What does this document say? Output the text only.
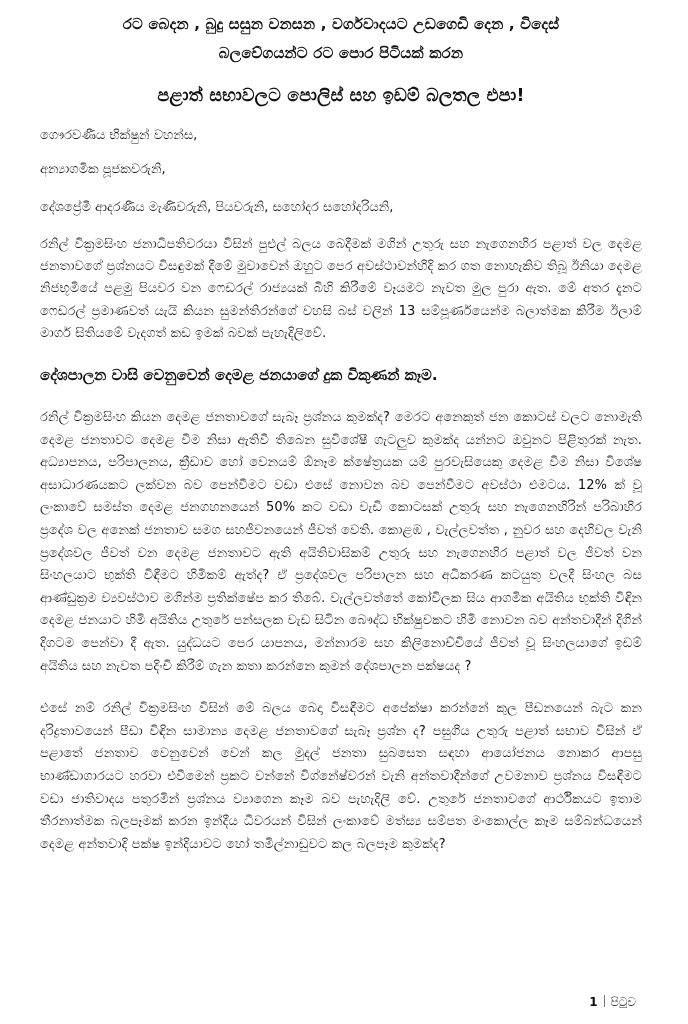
රට බෙදන , බුදු සසුන වනසන , වර්ගවාදයට උඩගෙඩි දෙන , විදෙස්
බලවේගයන්ට රට පොර පිටියක් කරන
පළාත් සභාවලට පොලිස් සහ ඉඩම් බලතල එපා!

ගෞරවණීය භික්ෂුන් වහන්ස,

අන්‍යාගමික පූජකවරුනි,

දේශප්‍රේමී ආදරණීය මැණිවරුනි, පියවරුනි, සහෝදර සහෝදරියනි,

රනිල් වික්‍රමසිංහ ජනාධිපතිවරයා විසින් පුළුල් බලය බෙදීමක් මගින් උතුරු සහ නැගෙනහිර පළාත් වල දෙමළ ජනතාවගේ ප්‍රශ්නයට විසඳුමක් දීමේ මුවාවෙන් ඔහුට පෙර අවස්ථාවන්හිදි කර ගත නොහැකිව තිබූ ඊනියා දෙමළ නිජභූමියේ පළමු පියවර වන ෆෙඩරල් රාජ්‍යයක් බිහි කිරීමේ වෑයමට නැවත මුල පුරා ඇත. මේ අතර දැනට ෆෙඩරල් ප්‍රමාණවත් යැයි කියන සුමන්තිරන්ගේ වහසි බස් වලින් 13 සම්පූර්ණයෙන්ම බලාත්මක කිරීම ඊලාම් මාර්ග සිතියමේ වැදගත් කඩ ඉමක් බවක් පැහැදිලිවේ.

දේශපාලන වාසි වෙනුවෙන් දෙමළ ජනයාගේ දුක විකුණන් කෑම.

රනිල් වික්‍රමසිංහ කියන දෙමළ ජනතාවගේ සැබෑ ප්‍රශ්නය කුමක්ද? මෙරට අනෙකුත් ජන කොටස් වලට නොමැති දෙමළ ජනතාවට දෙමළ වීම නිසා ඇතිවී තිබෙන සුවිශේෂී ගැටලුව කුමක්ද යන්නට ඔවුනට පිළිතුරක් නැත. අධ්‍යාපනය, පරිපාලනය, ක්‍රීඩාව හෝ වෙනයම් ඕනෑම ක්ෂේත්‍රයක යම් පුරවැසියෙකු දෙමළ වීම නිසා විශේෂ අසාධාරණයකට ලක්වන බව පෙන්වීමට වඩා එසේ නොවන බව පෙන්වීමට අවස්ථා එමටය. 12% ක් වූ ලංකාවේ සමස්ත දෙමළ ජනගහනයෙන් 50% කට වඩා වැඩි කොටසක් උතුරු සහ නැගෙනහිරින් පරිබාහිර ප්‍රදේශ වල අනෙක් ජනතාව සමග සහජීවනයෙන් ජීවත් වෙති. කොළඹ , වැල්ලවත්ත , නුවර සහ දෙහිවල වැනි ප්‍රදේශවල ජීවත් වන දෙමළ ජනතාවට ඇති අයිතිවාසිකම් උතුරු සහ නැගෙනහිර පළාත් වල ජීවත් වන සිංහලයාට භුක්ති විඳීමට හිමිකම් ඇත්ද? ඒ ප්‍රදේශවල පරිපාලන සහ අධිකරණ කටයුතු වලදී සිංහල බස ආණ්ඩුක්‍රම ව්‍යවස්ථාව මගින්ම ප්‍රතික්ෂේප කර තිබේ. වැල්ලවත්තේ කෝවිලක සිය ආගමික අයිතිය භුක්ති විඳින දෙමළ ජනයාට හිමි අයිතිය උතුරේ පන්සලක වැඩ සිටින බෞද්ධ භික්ෂුවකට හිමි නොවන බව අන්තවාදීන් දිගින් දිගටම පෙන්වා දී ඇත. යුද්ධයට පෙර යාපනය, මන්නාරම සහ කිලිනොච්චියේ ජීවත් වූ සිංහලයාගේ ඉඩම් අයිතිය සහ නැවත පදිංචි කිරීම් ගැන කතා කරන්නෙ කුමන් දේශපාලන පක්ෂයද ?

එසේ නම් රනිල් වික්‍රමසිංහ විසින් මේ බලය බෙදා විසඳීමට අපේක්ෂා කරන්නේ කුල පීඩනයෙන් බැට කන දරිද්‍රතාවයෙන් පීඩා විඳින සාමාන්‍ය දෙමළ ජනතාවගේ සැබෑ ප්‍රශ්න ද? පසුගිය උතුරු පළාත් සභාව විසින් ඒ පළාතේ ජනතාව වෙනුවෙන් වෙන් කල මුදල් ජනතා සුබසෙත සඳහා ආයෝජනය නොකර ආපසු භාණ්ඩාගාරයට හරවා එවීමෙන් ප්‍රකට වන්නේ විග්නේෂ්වරන් වැනි අන්තවාදීන්ගේ උවමනාව ප්‍රශ්නය විසඳීමට වඩා ජාතිවාදය පතුරමින් ප්‍රශ්නය ව්‍යාගෙන කෑම බව පැහැදිලි වේ. උතුරේ ජනතාවගේ ආර්ථිකයට ඉතාම තීරනාත්මක බලපෑමක් කරන ඉන්දීය ධීවරයන් විසින් ලංකාවේ මත්ස්‍ය සම්පත මංකොල්ල කෑම සම්බන්ධයෙන් දෙමළ අන්තවාදි පක්ෂ ඉන්දියාවට හෝ තමිල්නාඩුවට කල බලපෑම කුමක්ද?

1 පිටුව
